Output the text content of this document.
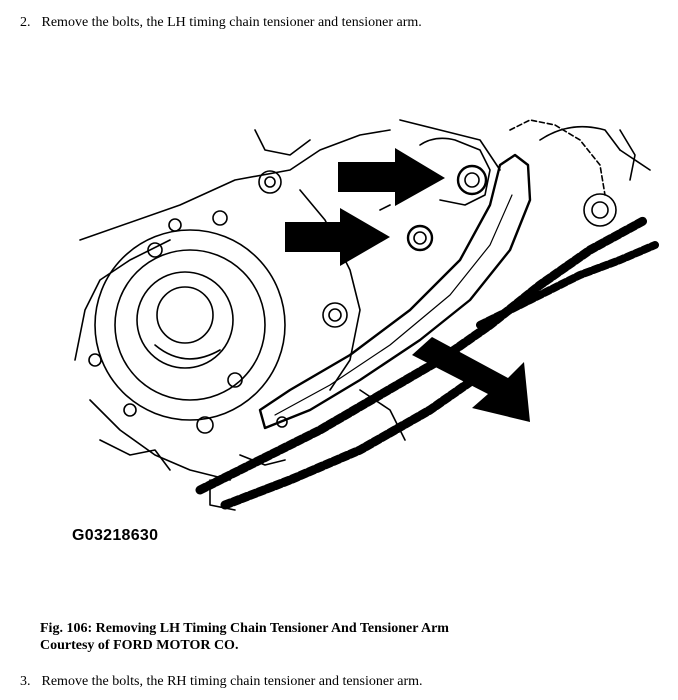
2. Remove the bolts, the LH timing chain tensioner and tensioner arm.
G03218630
Fig. 106: Removing LH Timing Chain Tensioner And Tensioner Arm
Courtesy of FORD MOTOR CO.
3. Remove the bolts, the RH timing chain tensioner and tensioner arm.
